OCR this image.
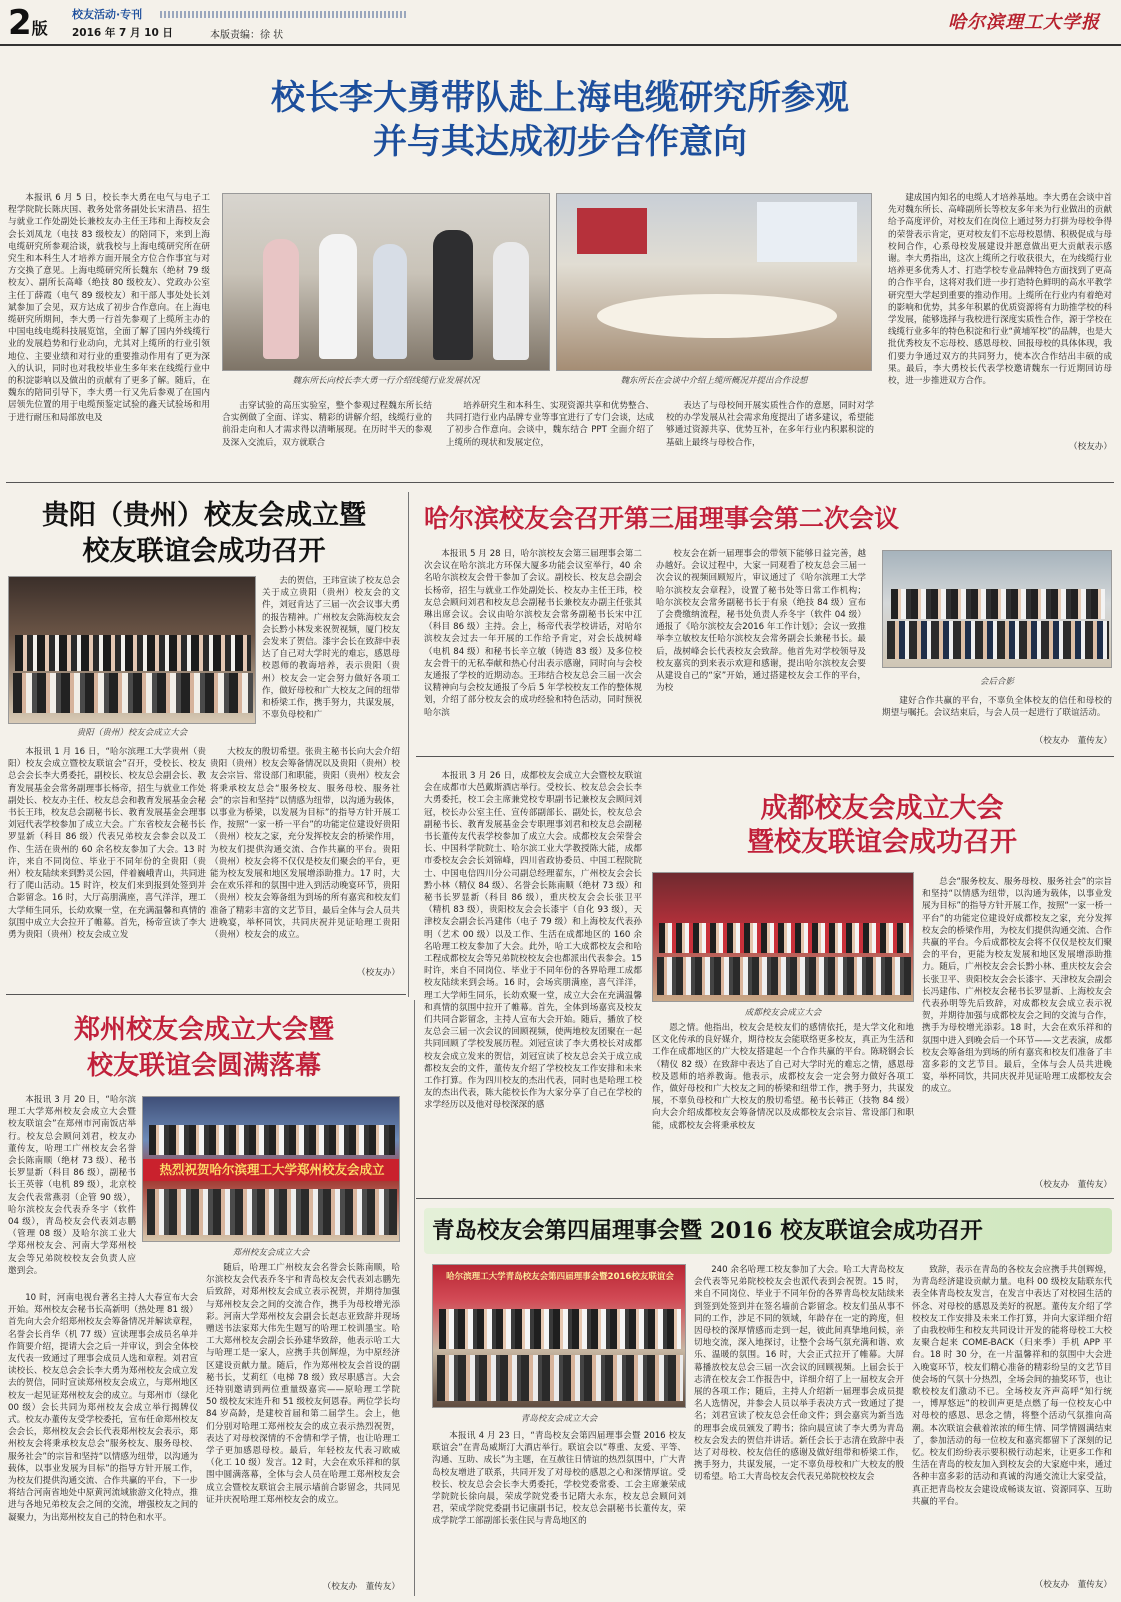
2版
校友活动·专刊
2016 年 7 月 10 日	本版责编：徐 状
哈尔滨理工大学报
校长李大勇带队赴上海电缆研究所参观
并与其达成初步合作意向

本报讯 6 月 5 日，校长李大勇在电气与电子工程学院院长陈庆国、教务处常务副处长宋清昌、招生与就业工作处副处长兼校友办主任王玮和上海校友会会长刘凤龙（电技 83 级校友）的陪同下，来到上海电缆研究所参观洽谈，就我校与上海电缆研究所在研究生和本科生人才培养方面开展全方位合作事宜与对方交换了意见。上海电缆研究所长魏东（绝材 79 级校友）、副所长高峰（绝技 80 级校友）、党政办公室主任丁薛霞（电气 89 级校友）和干部人事处处长刘斌参加了会见，双方达成了初步合作意向。在上海电缆研究所期间，李大勇一行首先参观了上缆所主办的中国电线电缆科技展览馆，全面了解了国内外线缆行业的发展趋势和行业动向，尤其对上缆所的行业引领地位、主要业绩和对行业的重要推动作用有了更为深入的认识，同时也对我校毕业生多年来在线缆行业中的积淀影响以及做出的贡献有了更多了解。随后，在魏东的陪同引导下，李大勇一行又先后参观了在国内居领先位置的用于电缆预鉴定试验的鑫天试验场和用于进行耐压和局部放电及

魏东所长向校长李大勇一行介绍线缆行业发展状况	魏东所长在会谈中介绍上缆所概况并提出合作设想

击穿试验的高压实验室，整个参观过程魏东所长结合实例做了全面、详实、精彩的讲解介绍，线缆行业的前沿走向和人才需求得以清晰展现。在历时半天的参观及深入交流后，双方就联合

培养研究生和本科生、实现资源共享和优势整合、共同打造行业内品牌专业等事宜进行了专门会谈，达成了初步合作意向。会谈中，魏东结合 PPT 全面介绍了上缆所的现状和发展定位，

表达了与母校间开展实质性合作的意愿，同时对学校的办学发展从社会需求角度提出了诸多建议，希望能够通过资源共享、优势互补，在多年行业内积累积淀的基础上最终与母校合作，

建成国内知名的电缆人才培养基地。李大勇在会谈中首先对魏东所长、高峰副所长等校友多年来为行业做出的贡献给予高度评价，对校友们在岗位上通过努力打拼为母校争得的荣誉表示肯定，更对校友们不忘母校恩情、积极促成与母校间合作，心系母校发展建设并愿意做出更大贡献表示感谢。李大勇指出，这次上缆所之行收获很大，在为线缆行业培养更多优秀人才、打造学校专业品牌特色方面找到了更高的合作平台，这将对我们进一步打造特色鲜明的高水平教学研究型大学起到重要的推动作用。上缆所在行业内有着绝对的影响和优势，其多年积累的优质资源将有力助推学校的科学发展，能够选择与我校进行深度实质性合作，源于学校在线缆行业多年的特色积淀和行业“黄埔军校”的品牌，也是大批优秀校友不忘母校、感恩母校、回报母校的具体体现，我们要力争通过双方的共同努力，使本次合作结出丰硕的成果。最后，李大勇校长代表学校邀请魏东一行近期回访母校，进一步推进双方合作。

（校友办）
贵阳（贵州）校友会成立暨
校友联谊会成功召开
贵阳（贵州）校友会成立大会

去的贺信，王玮宣读了校友总会关于成立贵阳（贵州）校友会的文件，刘冠肯达了三届一次会议事大勇的报告精神。广州校友会陈海校友会会长黔小林发来祝贺视频，厦门校友会发来了贺信。漆宇会长在致辞中表达了自己对大学时光的难忘，感恩母校恩师的教诲培养，表示贵阳（贵州）校友会一定会努力做好各项工作，做好母校和广大校友之间的纽带和桥梁工作，携手努力，共谋发展，不辜负母校和广

本报讯 1 月 16 日，“哈尔滨理工大学贵州（贵阳）校友会成立暨校友联谊会”召开，受校长、校友总会会长李大勇委托，副校长、校友总会副会长、教育发展基金会常务副理事长杨帝，招生与就业工作处副处长、校友办主任、校友总会和教育发展基金会秘书长王玮，校友总会副秘书长、教育发展基金会理事刘冠代表学校参加了成立大会。广东省校友会秘书长罗显新（科目 86 级）代表兄弟校友会参会以及工作、生活在贵州的 60 余名校友参加了大会。13 时许，来自不同岗位、毕业于不同年份的全贵阳（贵州）校友陆续来到黔灵公园，伴着巍峨青山，共同进行了爬山活动。15 时许，校友们来到报到处签到并合影留念。16 时，大厅高朋满座，喜气洋洋，理工大学师生同乐，长幼欢聚一堂，在充满温馨和真情的氛围中成立大会拉开了帷幕。首先，杨帝宣读了李大勇为贵阳（贵州）校友会成立发

大校友的殷切希望。张贵主秘书长向大会介绍贵阳（贵州）校友会筹备情况以及贵阳（贵州）校友会宗旨、常设部门和职能，贵阳（贵州）校友会将秉承校友总会“服务校友、服务母校、服务社会”的宗旨和坚持“以情感为纽带，以沟通为载体，以事业为桥梁，以发展为目标”的指导方针开展工作，按照“一家一桥一平台”的功能定位建设好贵阳（贵州）校友之家，充分发挥校友会的桥梁作用，为校友们提供沟通交流、合作共赢的平台。贵阳（贵州）校友会将不仅仅是校友们聚会的平台，更能为校友发展和地区发展增添助推力。17 时，大会在欢乐祥和的氛围中进入到活动晚宴环节，贵阳（贵州）校友会筹备组为到场的所有嘉宾和校友们准备了精彩丰富的文艺节目，最后全体与会人员共进晚宴，举杯同饮，共同庆祝并见证哈理工贵阳（贵州）校友会的成立。

（校友办）
哈尔滨校友会召开第三届理事会第二次会议

本报讯 5 月 28 日，哈尔滨校友会第三届理事会第二次会议在哈尔滨北方环保大厦多功能会议室举行，40 余名哈尔滨校友会骨干参加了会议。副校长、校友总会副会长杨帝，招生与就业工作处副处长、校友办主任王玮，校友总会顾问刘君和校友总会副秘书长兼校友办副主任张其琳出席会议。会议由哈尔滨校友会常务副秘书长宋中江（科目 86 级）主持。会上，杨帝代表学校讲话，对哈尔滨校友会过去一年开展的工作给予肯定，对会长战树峰（电机 84 级）和秘书长辛立敏（铸造 83 级）及多位校友会骨干的无私奉献和热心付出表示感谢，同时向与会校友通报了学校的近期动态。王玮结合校友总会三届一次会议精神向与会校友通报了今后 5 年学校校友工作的整体规划，介绍了部分校友会的成功经验和特色活动，同时预祝哈尔滨

校友会在新一届理事会的带领下能够日益完善，越办越好。会议过程中，大家一同观看了校友总会三届一次会议的视频回顾短片，审议通过了《哈尔滨理工大学哈尔滨校友会章程》，设置了秘书处等日常工作机构；哈尔滨校友会常务副秘书长于有泉（绝技 84 级）宣布了会费缴纳流程，秘书处负责人乔冬宇（软件 04 级）通报了《哈尔滨校友会2016 年工作计划》；会议一致推举李立敏校友任哈尔滨校友会常务副会长兼秘书长。最后，战树峰会长代表校友会致辞。他首先对学校领导及校友嘉宾的到来表示欢迎和感谢，提出哈尔滨校友会要从建设自己的“家”开始，通过搭建校友会工作的平台，为校

会后合影

建好合作共赢的平台，不辜负全体校友的信任和母校的期望与嘱托。会议结束后，与会人员一起进行了联谊活动。

（校友办　董传友）

本报讯 3 月 26 日，成都校友会成立大会暨校友联谊会在成都市大邑戴斯酒店举行。受校长、校友总会会长李大勇委托，校工会主席兼党校专职副书记兼校友会顾问刘冠，校长办公室主任、宣传部副部长、副处长，校友总会副秘书长、教育发展基金会专职理事刘君和校友总会副秘书长董传友代表学校参加了成立大会。成都校友会荣誉会长、中国科学院院士、哈尔滨工业大学教授陈大能，成都市委校友会会长刘锦峰，四川省政协委员、中国工程院院士、中国电信四川分公司副总经理翟东，广州校友会会长黔小林（精仪 84 级）、名誉会长陈南顺（绝材 73 级）和秘书长罗显新（科目 86 级），重庆校友会会长张卫平（精机 83 级），贵阳校友会会长漆宇（自化 93 级），天津校友会副会长冯建伟（电子 79 级）和上海校友代表孙明（艺术 00 级）以及工作、生活在成都地区的 160 余名哈理工校友参加了大会。此外，哈工大成都校友会和哈工程成都校友会等兄弟院校校友会也都派出代表参会。15 时许，来自不同岗位、毕业于不同年份的各界哈理工成都校友陆续来到会场。16 时，会场宾朋满座，喜气洋洋，理工大学师生同乐，长幼欢聚一堂，成立大会在充满温馨和真情的氛围中拉开了帷幕。首先，全体到场嘉宾及校友们共同合影留念，主持人宣布大会开始。随后，播放了校友总会三届一次会议的回顾视频，使两地校友团聚在一起共同回顾了学校发展历程。刘冠宣读了李大勇校长对成都校友会成立发来的贺信，刘冠宣读了校友总会关于成立成都校友会的文件，董传友介绍了学校校友工作安排和未来工作打算。作为四川校友的杰出代表，同时也是哈理工校友的杰出代表，陈大能校长作为大家分享了自己在学校的求学经历以及他对母校深深的感

成都校友会成立大会
暨校友联谊会成功召开
成都校友会成立大会

总会“服务校友、服务母校、服务社会”的宗旨和坚持“以情感为纽带，以沟通为载体，以事业发展为目标”的指导方针开展工作，按照“一家一桥一平台”的功能定位建设好成都校友之家，充分发挥校友会的桥梁作用，为校友们提供沟通交流、合作共赢的平台。今后成都校友会将不仅仅是校友们聚会的平台，更能为校友发展和地区发展增添助推力。随后，广州校友会会长黔小林、重庆校友会会长张卫平、贵阳校友会会长漆宇、天津校友会副会长冯建伟、广州校友会秘书长罗显新、上海校友会代表孙明等先后致辞，对成都校友会成立表示祝贺，并期待加强与成都校友会之间的交流与合作，携手为母校增光添彩。18 时，大会在欢乐祥和的氛围中进入到晚会后一个环节——文艺表演，成都校友会筹备组为到场的所有嘉宾和校友们准备了丰富多彩的文艺节目。最后，全体与会人员共进晚宴，举杯同饮，共同庆祝并见证哈理工成都校友会的成立。

恩之情。他指出，校友会是校友们的感情依托，是大学文化和地区文化传承的良好媒介，期待校友会能联络更多校友，真正为生活和工作在成都地区的广大校友搭建起一个合作共赢的平台。陈晓钢会长（精仪 82 级）在致辞中表达了自己对大学时光的难忘之情，感恩母校及恩师的培养教诲。他表示，成都校友会一定会努力做好各项工作，做好母校和广大校友之间的桥梁和纽带工作，携手努力，共谋发展，不辜负母校和广大校友的殷切希望。秘书长韩正（技物 84 级）向大会介绍成都校友会筹备情况以及成都校友会宗旨、常设部门和职能，成都校友会将秉承校友

（校友办　董传友）
郑州校友会成立大会暨
校友联谊会圆满落幕

本报讯 3 月 20 日，“哈尔滨理工大学郑州校友会成立大会暨校友联谊会”在郑州市河南饭店举行。校友总会顾问刘君，校友办董传友，哈理工广州校友会名誉会长陈南顺（绝材 73 级）、秘书长罗显新（科目 86 级），副秘书长王英蓉（电机 89 级），北京校友会代表常燕羽（企管 90 级），哈尔滨校友会代表乔冬宇（软件 04 级），青岛校友会代表刘志鹏（管理 08 级）及哈尔滨工业大学郑州校友会、河南大学郑州校友会等兄弟院校校友会负责人应邀到会。

热烈祝贺哈尔滨理工大学郑州校友会成立
郑州校友会成立大会

10 时，河南电视台著名主持人大春宣布大会开始。郑州校友会秘书长高新明（热处理 81 级）首先向大会介绍郑州校友会筹备情况并解读章程，名誉会长肖华（机 77 级）宣读理事会成员名单并作简要介绍，提请大会之后一并审议，到会全体校友代表一致通过了理事会成员人选和章程。刘君宣读校长、校友总会会长李大勇为郑州校友会成立发去的贺信，同时宣读郑州校友会成立，与郑州地区校友一起见证郑州校友会的成立。与郑州市（绿化 00 级）会长共同为郑州校友会成立举行揭牌仪式。校友办董传友受学校委托，宣布任命郑州校友会会长，郑州校友会会长代表郑州校友会表示，郑州校友会将秉承校友总会“服务校友、服务母校、服务社会”的宗旨和坚持“以情感为纽带，以沟通为载体，以事业发展为目标”的指导方针开展工作，为校友们提供沟通交流、合作共赢的平台，下一步将结合河南省地处中原黄河流域旅游文化特点，推进与各地兄弟校友会之间的交流，增强校友之间的凝聚力，为出郑州校友自己的特色和水平。

随后，哈理工广州校友会名誉会长陈南顺，哈尔滨校友会代表乔冬宇和青岛校友会代表刘志鹏先后致辞，对郑州校友会成立表示祝贺，并期待加强与郑州校友会之间的交流合作，携手为母校增光添彩。河南大学郑州校友会副会长赵志亚致辞并现场赠送书法家郑大伟先生题写的哈理工校训墨宝。哈工大郑州校友会副会长孙建华致辞，他表示哈工大与哈理工是一家人，应携手共创辉煌，为中原经济区建设贡献力量。随后，作为郑州校友会首设的副秘书长，艾莉红（电梯 78 级）致尽职感言。大会还特别邀请到两位重量级嘉宾——原哈理工学院 50 级校友宋连升和 51 级校友何恩春。两位学长均 84 岁高龄，是建校首届和第二届学生。会上，他们分别对哈理工郑州校友会的成立表示热烈祝贺，表达了对母校深情的不舍情和学子情，也让哈理工学子更加感恩母校。最后，年轻校友代表习欧威（化工 10 级）发言。12 时，大会在欢乐祥和的氛围中圆满落幕，全体与会人员在哈理工郑州校友会成立会暨校友联谊会主展示墙前合影留念，共同见证并庆祝哈理工郑州校友会的成立。

（校友办　董传友）
青岛校友会第四届理事会暨 2016 校友联谊会成功召开
哈尔滨理工大学青岛校友会第四届理事会暨2016校友联谊会
青岛校友会成立大会

本报讯 4 月 23 日，“青岛校友会第四届理事会暨 2016 校友联谊会”在青岛威斯汀大酒店举行。联谊会以“尊重、友爱、平等、沟通、互助、成长”为主题，在互赦往日情谊的热烈氛围中，广大青岛校友增进了联系，共同开发了对母校的感恩之心和深情厚谊。受校长、校友总会会长李大勇委托，学校党委常委、工会主席兼荣成学院院长徐向晨，荣成学院党委书记隋大永东，校友总会顾问刘君，荣成学院党委副书记康副书记，校友总会副秘书长董传友，荣成学院学工部副部长张住民与青岛地区的

240 余名哈理工校友参加了大会。哈工大青岛校友会代表等兄弟院校校友会也派代表到会祝贺。15 时，来自不同岗位、毕业于不同年份的各界青岛校友陆续来到签到处签到并在签名墙前合影留念。校友们虽从事不同的工作，涉足不同的领域，年龄存在一定的跨度，但因母校的深厚情感而走到一起，彼此间真挚地问候，亲切地交流，深入地探讨，让整个会场气氛充满和谐、欢乐、温暖的氛围。16 时，大会正式拉开了帷幕。大屏幕播放校友总会三届一次会议的回顾视频。上届会长于志清在校友会工作报告中，详细介绍了上一届校友会开展的各项工作；随后，主持人介绍新一届理事会成员提名人选情况，并参会人员以举手表决方式一致通过了提名；刘君宣读了校友总会任命文件；到会嘉宾为新当选的理事会成员颁发了聘书；徐向晨宣读了李大勇为青岛校友会发去的贺信并讲话。新任会长于志清在致辞中表达了对母校、校友信任的感谢及做好组带和桥梁工作，携手努力，共谋发展，一定不辜负母校和广大校友的殷切希望。哈工大青岛校友会代表兄弟院校校友会

致辞，表示在青岛的各校友会应携手共创辉煌，为青岛经济建设贡献力量。电科 00 级校友陆联东代表全体青岛校友发言，在发言中表达了对校园生活的怀念、对母校的感恩及美好的祝愿。董传友介绍了学校校友工作安排及未来工作打算，并向大家详细介绍了由我校师生和校友共同设计开发的能将母校工大校友聚合起来 COME-BACK（归来季）手机 APP 平台。18 时 30 分，在一片温馨祥和的氛围中大会进入晚宴环节，校友们精心准备的精彩纷呈的文艺节目使会场的气氛十分热烈，全场会间的抽奖环节，也让歌校校友们激动不已。全场校友齐声高呼“知行统一，博厚悠远”的校训声更是点燃了每一位校友心中对母校的感恩、思念之情，将整个活动气氛推向高潮。本次联谊会截着浓浓的师生情、同学情圆满结束了，参加活动的每一位校友和嘉宾都留下了深刻的记忆。校友们纷纷表示要积极行动起来，让更多工作和生活在青岛的校友加入到校友会的大家庭中来，通过各种丰富多彩的活动和真诚的沟通交流让大家受益，真正把青岛校友会建设成畅谈友谊、资源同享、互助共赢的平台。

（校友办　董传友）
